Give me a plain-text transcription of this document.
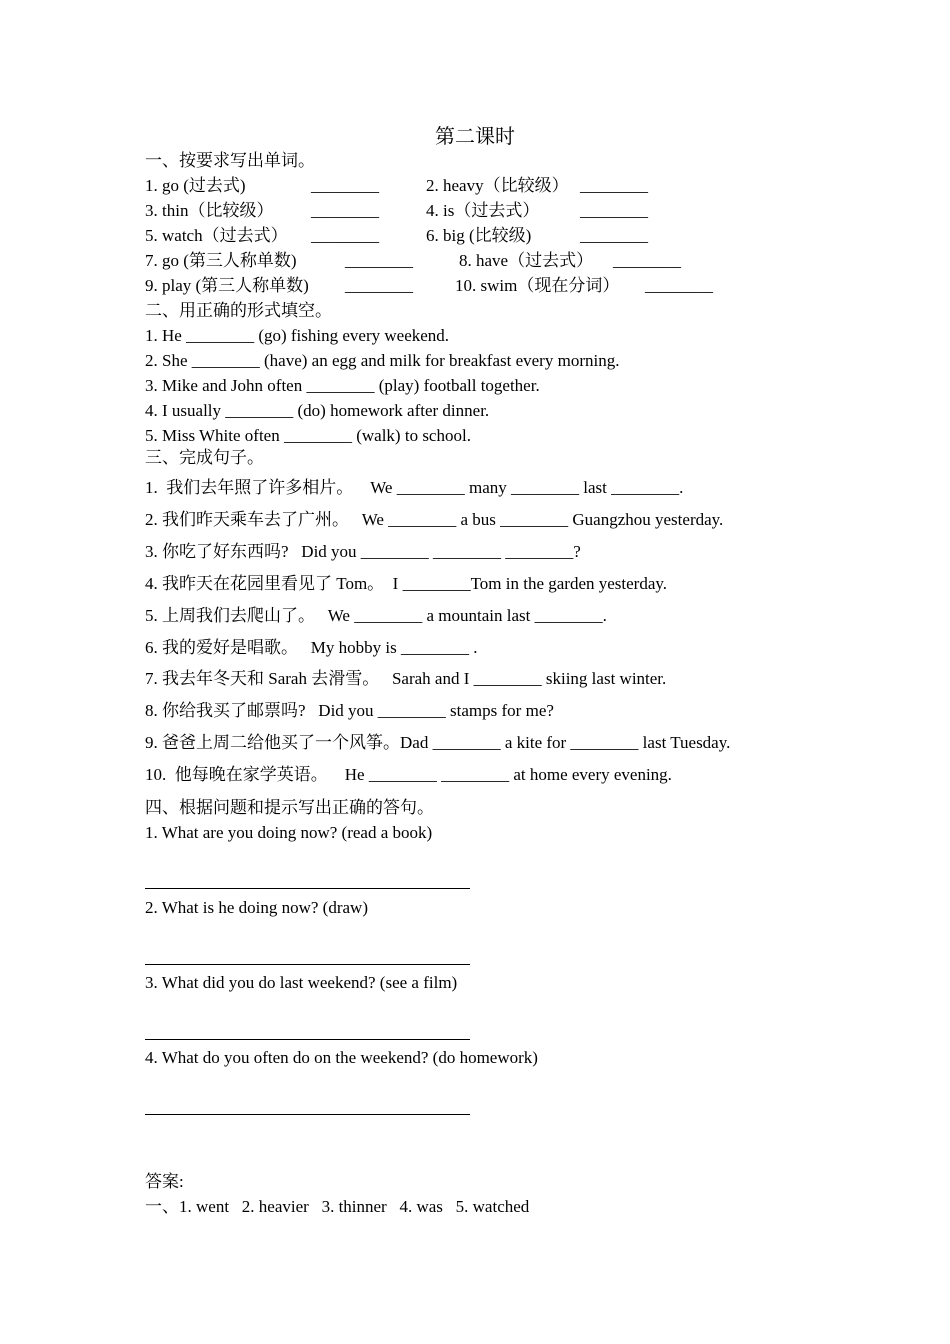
第二课时
一、按要求写出单词。
1. go (过去式)	________	2. heavy（比较级） ________
3. thin（比较级） ________	4. is（过去式） ________
5. watch（过去式） ________	6. big (比较级)	________
7. go (第三人称单数)	________	8. have（过去式） ________
9. play (第三人称单数) ________ 10. swim（现在分词） ________
二、用正确的形式填空。
1. He ________ (go) fishing every weekend.
2. She ________ (have) an egg and milk for breakfast every morning.
3. Mike and John often ________ (play) football together.
4. I usually ________ (do) homework after dinner.
5. Miss White often ________ (walk) to school.
三、完成句子。
1.  我们去年照了许多相片。    We ________ many ________ last ________.
2. 我们昨天乘车去了广州。   We ________ a bus ________ Guangzhou yesterday.
3. 你吃了好东西吗?   Did you ________ ________ ________?
4. 我昨天在花园里看见了 Tom。  I ________Tom in the garden yesterday.
5. 上周我们去爬山了。   We ________ a mountain last ________.
6. 我的爱好是唱歌。   My hobby is ________ .
7. 我去年冬天和 Sarah 去滑雪。   Sarah and I ________ skiing last winter.
8. 你给我买了邮票吗?   Did you ________ stamps for me?
9. 爸爸上周二给他买了一个风筝。Dad ________ a kite for ________ last Tuesday.
10.  他每晚在家学英语。    He ________ ________ at home every evening.
四、根据问题和提示写出正确的答句。
1. What are you doing now? (read a book)
2. What is he doing now? (draw)
3. What did you do last weekend? (see a film)
4. What do you often do on the weekend? (do homework)
答案:
一、1. went   2. heavier   3. thinner   4. was   5. watched
